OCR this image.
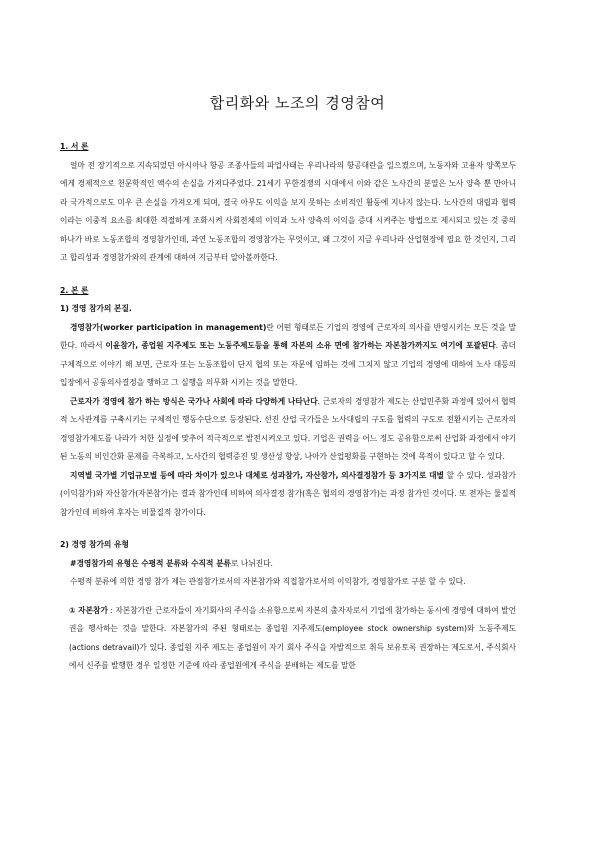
합리화와 노조의 경영참여

1. 서 론

얼마 전 장기적으로 지속되었던 아시아나 항공 조종사들의 파업사태는 우리나라의 항공대란을 일으켰으며, 노동자와 고용자 양쪽모두에게 경제적으로 천문학적인 액수의 손실을 가져다주었다. 21세기 무한경쟁의 시대에서 이와 같은 노사간의 분열은 노사 양측 뿐 만아니라 국가적으로도 미우 큰 손실을 가져오게 되며, 결국 아무도 이익을 보지 못하는 소비적인 활동에 지나지 않는다. 노사간의 대립과 협력이라는 이중적 요소를 최대한 적절하게 조화시켜 사회전체의 이익과 노사 양측의 이익을 증대 시켜주는 방법으로 제시되고 있는 것 중의 하나가 바로 노동조합의 경영참가인데, 과연 노동조합의 경영참가는 무엇이고, 왜 그것이 지금 우리나라 산업현장에 필요 한 것인지, 그리고 합리성과 경영참가와의 관계에 대하여 지금부터 알아볼까한다.

2. 본 론

1) 경영 참가의 본질.

경영참가(worker participation in management)란 어떤 형태로든 기업의 경영에 근로자의 의사를 반영시키는 모든 것을 말한다. 따라서 이윤참가, 종업원 지주제도 또는 노동주제도등을 통해 자본의 소유 면에 참가하는 자본참가까지도 여기에 포괄된다. 좀더 구체적으로 이야기 해 보면, 근로자 또는 노동조합이 단지 협의 또는 자문에 임하는 것에 그치지 않고 기업의 경영에 대하여 노사 대등의 입장에서 공동의사결정을 행하고 그 실행을 의무화 시키는 것을 말한다.

근로자가 경영에 참가 하는 방식은 국가나 사회에 따라 다양하게 나타난다. 근로자의 경영참가 제도는 산업민주화 과정에 있어서 협력적 노사관계를 구축시키는 구체적인 행동수단으로 등장된다. 선진 산업 국가들은 노사대립의 구도를 협력의 구도로 전환시키는 근로자의 경영참가제도를 나라가 처한 실정에 맞추어 적극적으로 발전시켜오고 있다. 기업은 권력을 어느 정도 공유함으로써 산업화 과정에서 야기된 노동의 비인간화 문제를 극복하고, 노사간의 협력증진 및 생산성 향상, 나아가 산업평화를 구현하는 것에 목적이 있다고 할 수 있다.

지역별 국가별 기업규모별 등에 따라 차이가 있으나 대체로 성과참가, 자산참가, 의사결정참가 등 3가지로 대별 할 수 있다. 성과참가(이익참가)와 자산참가(자본참가)는 결과 참가인데 비하여 의사결정 참가(혹은 협의의 경영참가)는 과정 참가인 것이다. 또 전자는 물질적 참가인데 비하여 후자는 비물질적 참가이다.

2) 경영 참가의 유형

#경영참가의 유형은 수평적 분류와 수직적 분류로 나뉘진다.

수평적 분류에 의한 경영 참가 제는 관점참가로서의 자본참가와 직접참가로서의 이익참가, 경영참가로 구분 할 수 있다.

① 자본참가 : 자본참가란 근로자들이 자기회사의 주식을 소유함으로써 자본의 출자자로서 기업에 참가하는 동시에 경영에 대하여 발언권을 행사하는 것을 말한다. 자본참가의 주된 형태로는 종업원 지주제도(employee stock ownership system)와 노동주제도(actions detravail)가 있다. 종업원 지주 제도는 종업원이 자기 회사 주식을 자발적으로 취득 보유토록 권장하는 제도로서, 주식회사에서 신주를 발행한 경우 일정한 기준에 따라 종업원에게 주식을 분배하는 제도를 말한
